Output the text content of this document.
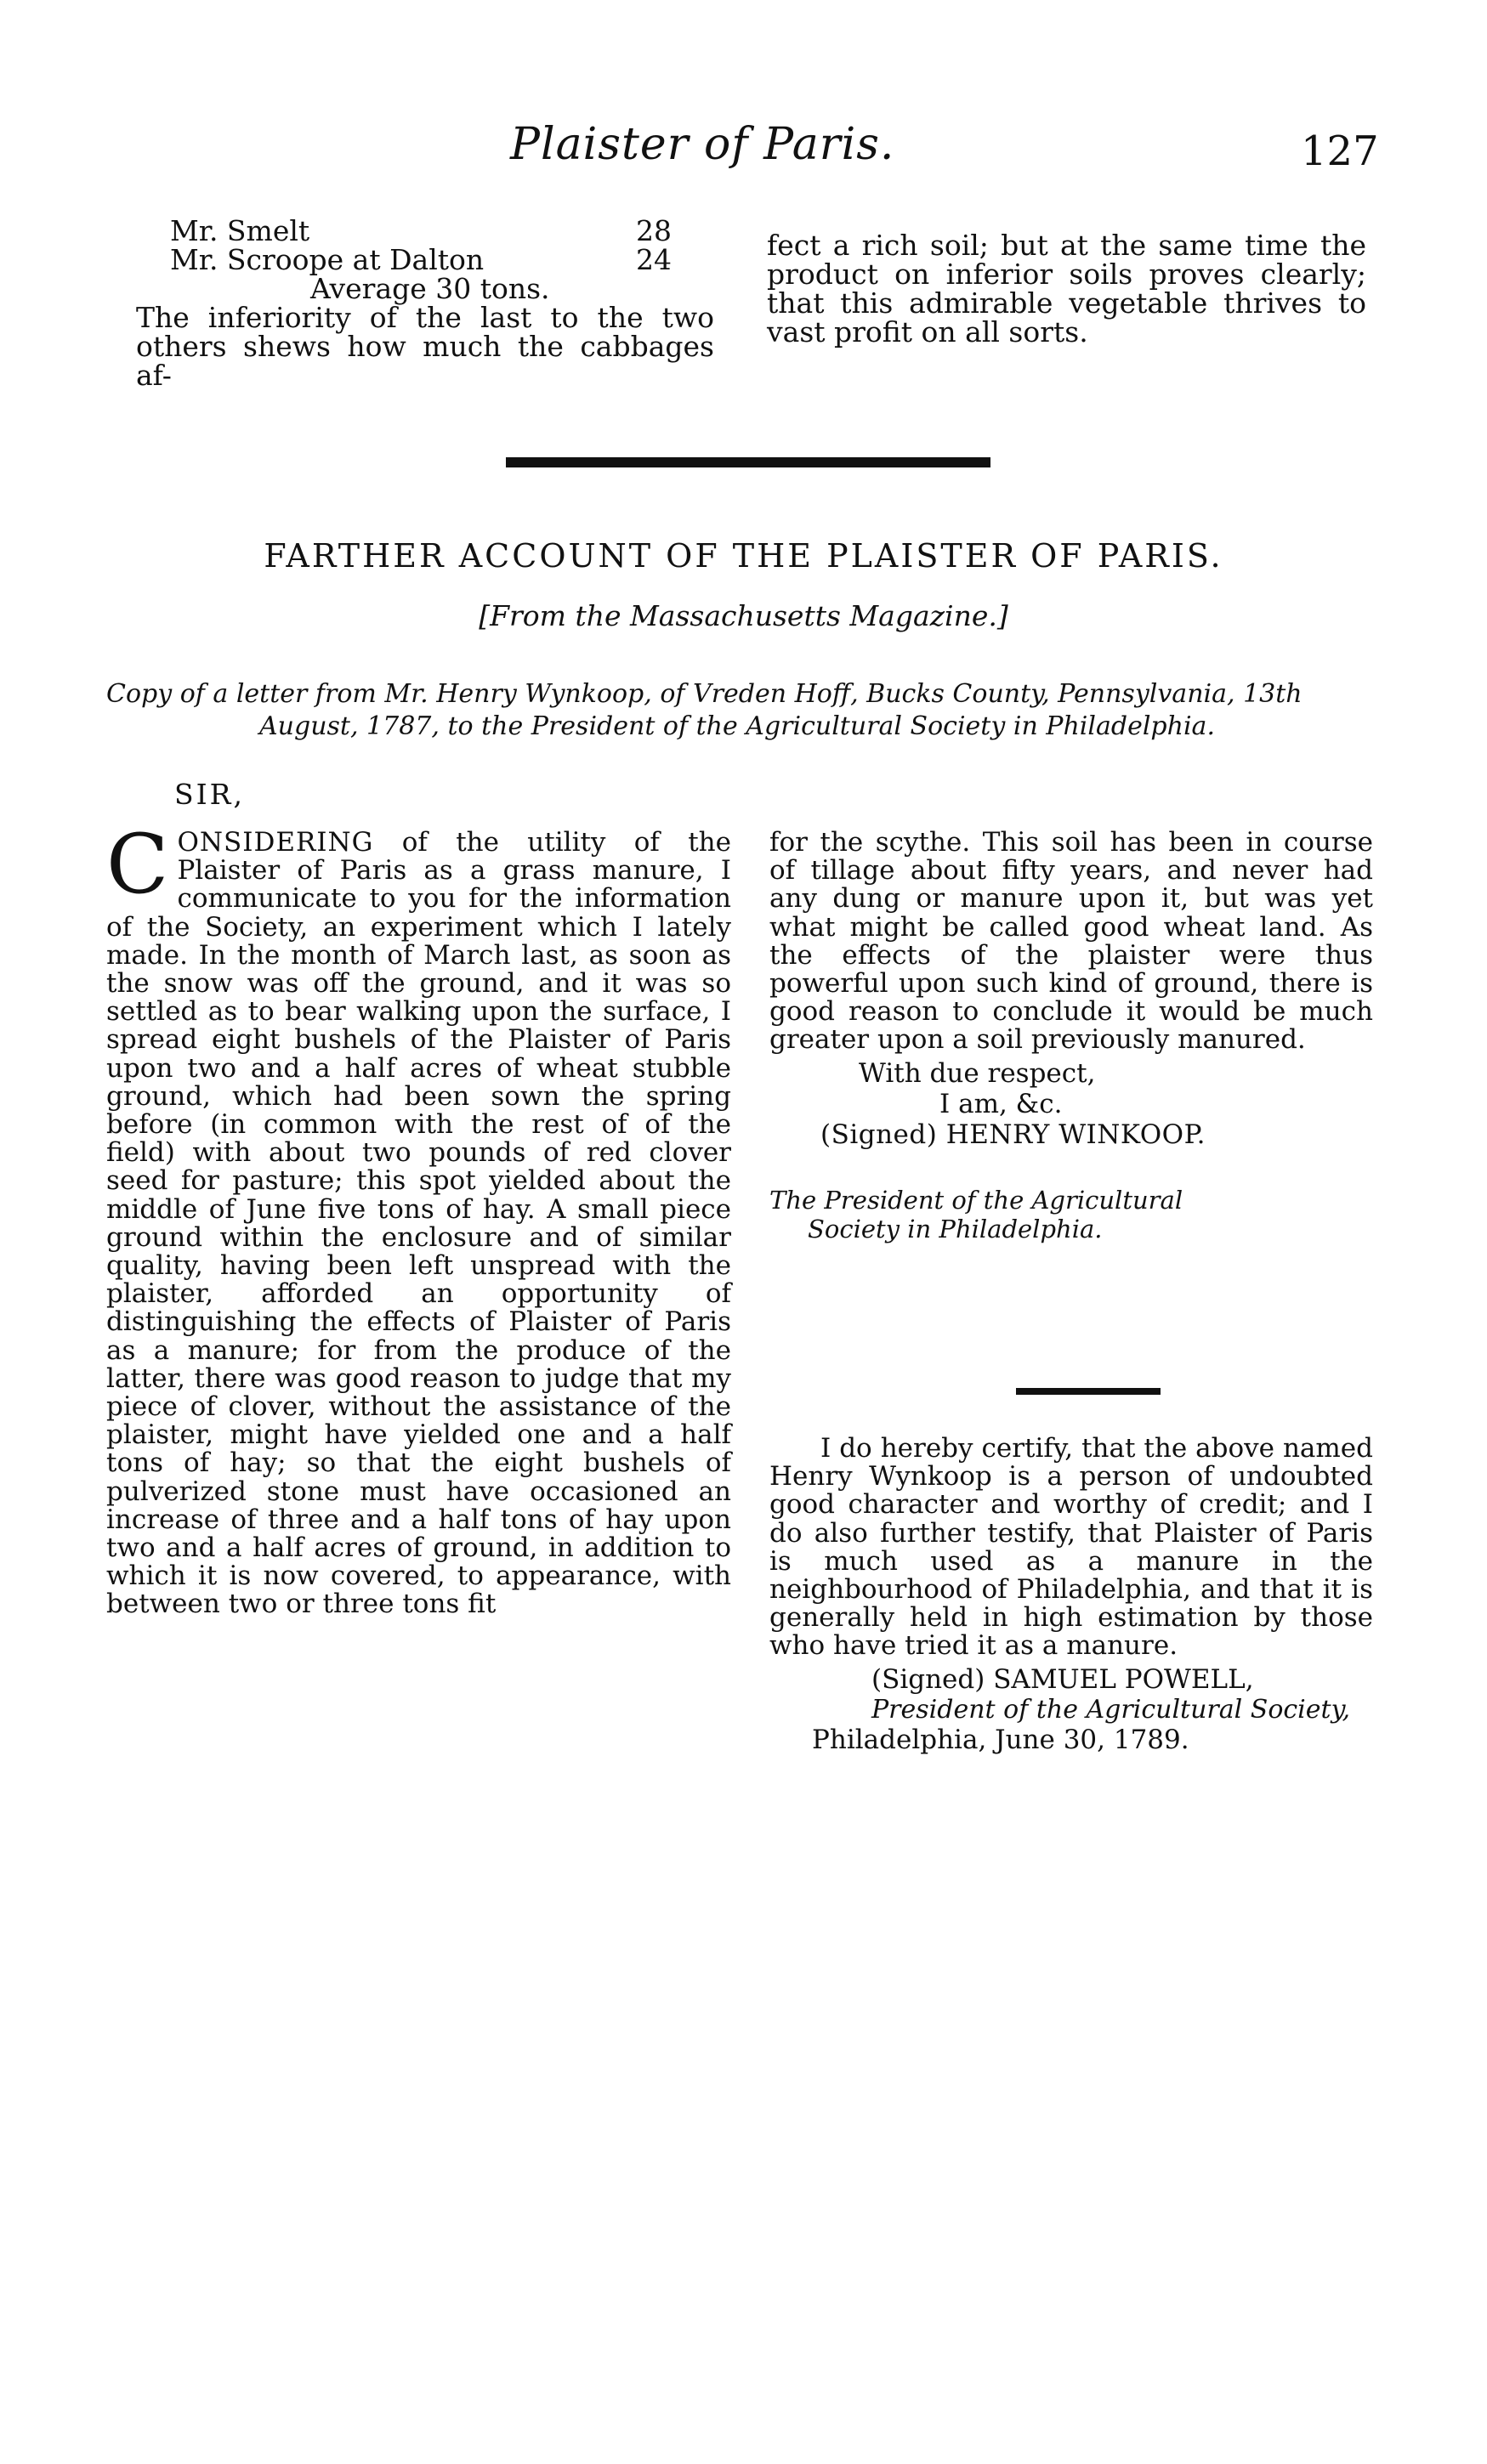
Plaister of Paris.	127
Mr. Smelt	28
Mr. Scroope at Dalton	24
Average 30 tons.
The inferiority of the last to the two others shews how much the cabbages af-
fect a rich soil; but at the same time the product on inferior soils proves clearly; that this admirable vegetable thrives to vast profit on all sorts.
FARTHER ACCOUNT OF THE PLAISTER OF PARIS.
[From the Massachusetts Magazine.]
Copy of a letter from Mr. Henry Wynkoop, of Vreden Hoff, Bucks County, Pennsylvania, 13th
August, 1787, to the President of the Agricultural Society in Philadelphia.
SIR,
CONSIDERING of the utility of the Plaister of Paris as a grass manure, I communicate to you for the information of the Society, an experiment which I lately made. In the month of March last, as soon as the snow was off the ground, and it was so settled as to bear walking upon the surface, I spread eight bushels of the Plaister of Paris upon two and a half acres of wheat stubble ground, which had been sown the spring before (in common with the rest of of the field) with about two pounds of red clover seed for pasture; this spot yielded about the middle of June five tons of hay. A small piece ground within the enclosure and of similar quality, having been left unspread with the plaister, afforded an opportunity of distinguishing the effects of Plaister of Paris as a manure; for from the produce of the latter, there was good reason to judge that my piece of clover, without the assistance of the plaister, might have yielded one and a half tons of hay; so that the eight bushels of pulverized stone must have occasioned an increase of three and a half tons of hay upon two and a half acres of ground, in addition to which it is now covered, to appearance, with between two or three tons fit
for the scythe. This soil has been in course of tillage about fifty years, and never had any dung or manure upon it, but was yet what might be called good wheat land. As the effects of the plaister were thus powerful upon such kind of ground, there is good reason to conclude it would be much greater upon a soil previously manured.
With due respect,
I am, &c.
(Signed) HENRY WINKOOP.
The President of the Agricultural
Society in Philadelphia.
I do hereby certify, that the above named Henry Wynkoop is a person of undoubted good character and worthy of credit; and I do also further testify, that Plaister of Paris is much used as a manure in the neighbourhood of Philadelphia, and that it is generally held in high estimation by those who have tried it as a manure.
(Signed) SAMUEL POWELL,
President of the Agricultural Society,
Philadelphia, June 30, 1789.
